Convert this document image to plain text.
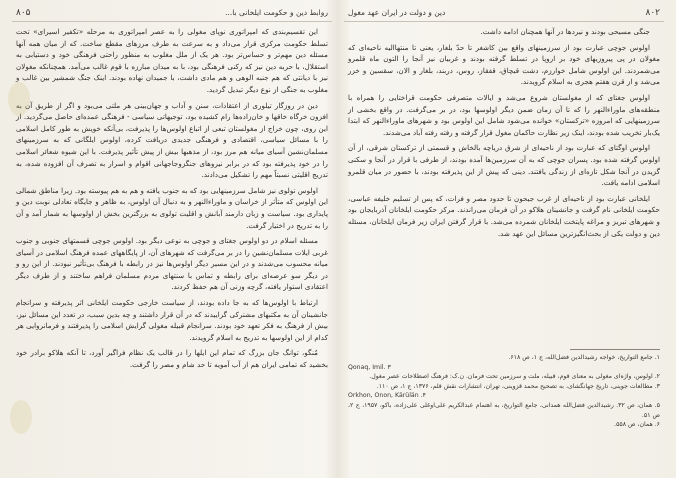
روابط دین و حکومت ایلخانی با...
۸۰۵

این تقسیم‌بندی که امپراتوری نوپای مغولی را به عصر امپراتوری به مرحله «تکفیر اسیرای» تحت تسلط حکومت مرکزی قرار می‌داد و به سرعت به طرف مرزهای مقطع ساخت. که از میان همه آنها مسئله دین مهم‌تر و حساس‌تر بود. هر یک از ملل مغلوب به منظور راحتی فرهنگی خود و دستیابی به استقلال، با حربه دین نیز که رکنی فرهنگی بود، با به میدان مبارزه با قوم غالب می‌آمد. همچنانکه مغولان نیز با دیانتی که هم جنبه الوهی و هم مادی داشت، با جمیدان نهاده بودند. اینک جنگ شمشیر بین غالب و مغلوب به جنگی از نوع دیگر تبدیل گردید.

دین در روزگار تیلوری از اعتقادات، سنن و آداب و جهان‌بینی هر ملتی می‌بود و اگر از طریق آن به افزون خرگاه خاقها و خان‌زاده‌ها رام کشیده بود، توجیهاتی سیاسی - فرهنگی عمده‌ای حاصل می‌گردید. از این روی، چون خراج از مغولستان تبعی از اتباع اولوس‌ها را پذیرفت، بی‌آنکه خویش به طور کامل اسلامی را با مسائل سیاسی، اقتصادی و فرهنگی جدیدی دریافت کرده، اولوس ایلگانی که به سرزمینهای مسلمان‌نشین آسیای میانه هم مرز بود، از مذهبها بیش از پیش تأثیر پذیرفت. با این شیوه شعائر اسلامی را در خود پذیرفته بود که در برابر نیروهای جنگزوجاجهانی اقوام و اسرار به تصرف آن افزوده شده، به تدریج اقلیتی نسبتاً مهم را تشکیل می‌دادند.

اولوس تولوی نیز شامل سرزمینهایی بود که به جنوب یافته و هم به هم پیوسته بود. زیرا مناطق شمالی این اولوس که متأثر از خراسان و ماوراءالنهر و به دنبال آن اولوس، به ظاهر و جایگاه تعادلی نوبت دین و پایداری بود. سیاست و زبان دارمند آبانش و اقلیت تولوی به بزرگترین بخش از اولوسها به شمار آمد و آن را به تدریج در اختیار گرفت.

مسئله اسلام در دو اولوس جغتای و جوچی به نوعی دیگر بود. اولوس جوچی قسمتهای جنوبی و جنوب غربی ایلات مسلمان‌نشین را در بر می‌گرفت که شهرهای آن، از پایگاههای عمده فرهنگ اسلامی در آسیای میانه محسوب می‌شدند و در این مسیر دیگر اولوس‌ها نیز در رابطه با فرهنگ بی‌تأثیر نبودند. از این رو و در دیگر سو عرصه‌ای برای رابطه و تماس با سنتهای مردم مسلمان فراهم ساختند و از طرف دیگر اعتقادی استوار یافته، گرچه وزنی آن هم حفظ کردند.

ارتباط با اولوس‌ها که به جا داده بودند، از سیاست خارجی حکومت ایلخانی اثر پذیرفته و سرانجام جانشینان آن به مکتبهای مشترکی گراییدند که در آن قرار داشتند و چه بدین سبب، در تعدد این مسائل نیز، بیش از فرهنگ به فکر تعهد خود بودند. سرانجام قبیله مغولی گرایش اسلامی را پذیرفتند و فرمانروایی هر کدام از این اولوسها به تدریج به اسلام گرویدند.

مُنگو، توانگ جان بزرگ که تمام این ایلها را در قالب یک نظام فراگیر آورد، تا آنکه هلاکو برادر خود بخشید که تمامی ایران هم از آب آمویه تا حد شام و مصر را گرفت.

۸۰۲
دین و دولت در ایران عهد مغول

جنگی مسیحی بودند و نیردها در آنها همچنان ادامه داشت.

اولوس جوچی عبارت بود از سرزمینهای واقع بین کاشغر تا حدّ بلغار، یعنی تا منتهاالیه ناحیه‌ای که مغولان در پی پیروزیهای خود بر اروپا در تسلط گرفته بودند و غربیان نیز آنجا را التون ماه قلمرو می‌شمردند. این اولوس شامل خوارزم، دشت قبچاق، قفقاز، روس، دربند، بلغار و الان، سقسین و خزر می‌شد و از قرن هفتم هجری به اسلام گرویدند.

اولوس جغتای که از مغولستان شروع می‌شد و ایالات متصرفی حکومت قراختایی را همراه با منطقه‌های ماوراءالنهر را که تا آن زمان ضمن دیگر اولوسها بود، در بر می‌گرفت. در واقع بخشی از سرزمینهایی که امروزه «ترکستان» خوانده می‌شود شامل این اولوس بود و شهرهای ماوراءالنهر که ابتدا یک‌بار تخریب شده بودند، اینک زیر نظارت حاکمان مغول قرار گرفته و رفته رفته آباد می‌شدند.

اولوس اوگتای که عبارت بود از ناحیه‌ای از شرق دریاچه بالخاش و قسمتی از ترکستان شرقی، از آن اولوس گرفته شده بود. پسران جوچی که به آن سرزمین‌ها آمده بودند، از طرفی با قرار در آنجا و سکنی گزیدن در آنجا شکل تازه‌ای از زندگی یافتند. دینی که پیش از این پذیرفته بودند، با حضور در میان قلمرو اسلامی ادامه یافت.

ایلخانی عبارت بود از ناحیه‌ای از غرب جیحون تا حدود مصر و فرات، که پس از تسلیم خلیفه عباسی، حکومت ایلخانی نام گرفت و جانشینان هلاکو در آن فرمان می‌راندند. مرکز حکومت ایلخانان آذربایجان بود و شهرهای تبریز و مراغه پایتخت ایلخانان شمرده می‌شد. با قرار گرفتن ایران زیر فرمان ایلخانان، مسئله دین و دولت یکی از بحث‌انگیزترین مسائل این عهد شد.

۱. جامع التواریخ، خواجه رشیدالدین فضل‌الله، ج ۱، ص ۶۱۸.

Qonaq, Imil. ۳

۲. اولوس، واژه‌ای مغولی به معنای قوم، قبیله، ملت و سرزمین تحت فرمان. ن.ک: فرهنگ اصطلاحات عصر مغول.

۳. مطالعات جوینی، تاریخ جهانگشای، به تصحیح محمد قزوینی، تهران، انتشارات نقش قلم، ۱۳۷۶، ج ۱، ص ۱۱۰.

Orkhon, Onon, Kärülän .۴

۵. همان، ص ۳۲. رشیدالدین فضل‌الله همدانی، جامع التواریخ، به اهتمام عبدالکریم علی‌اوغلی علی‌زاده، باکو، ۱۹۵۷، ج ۲، ص ۵۱.

۶. همان، ص ۵۵۸.
